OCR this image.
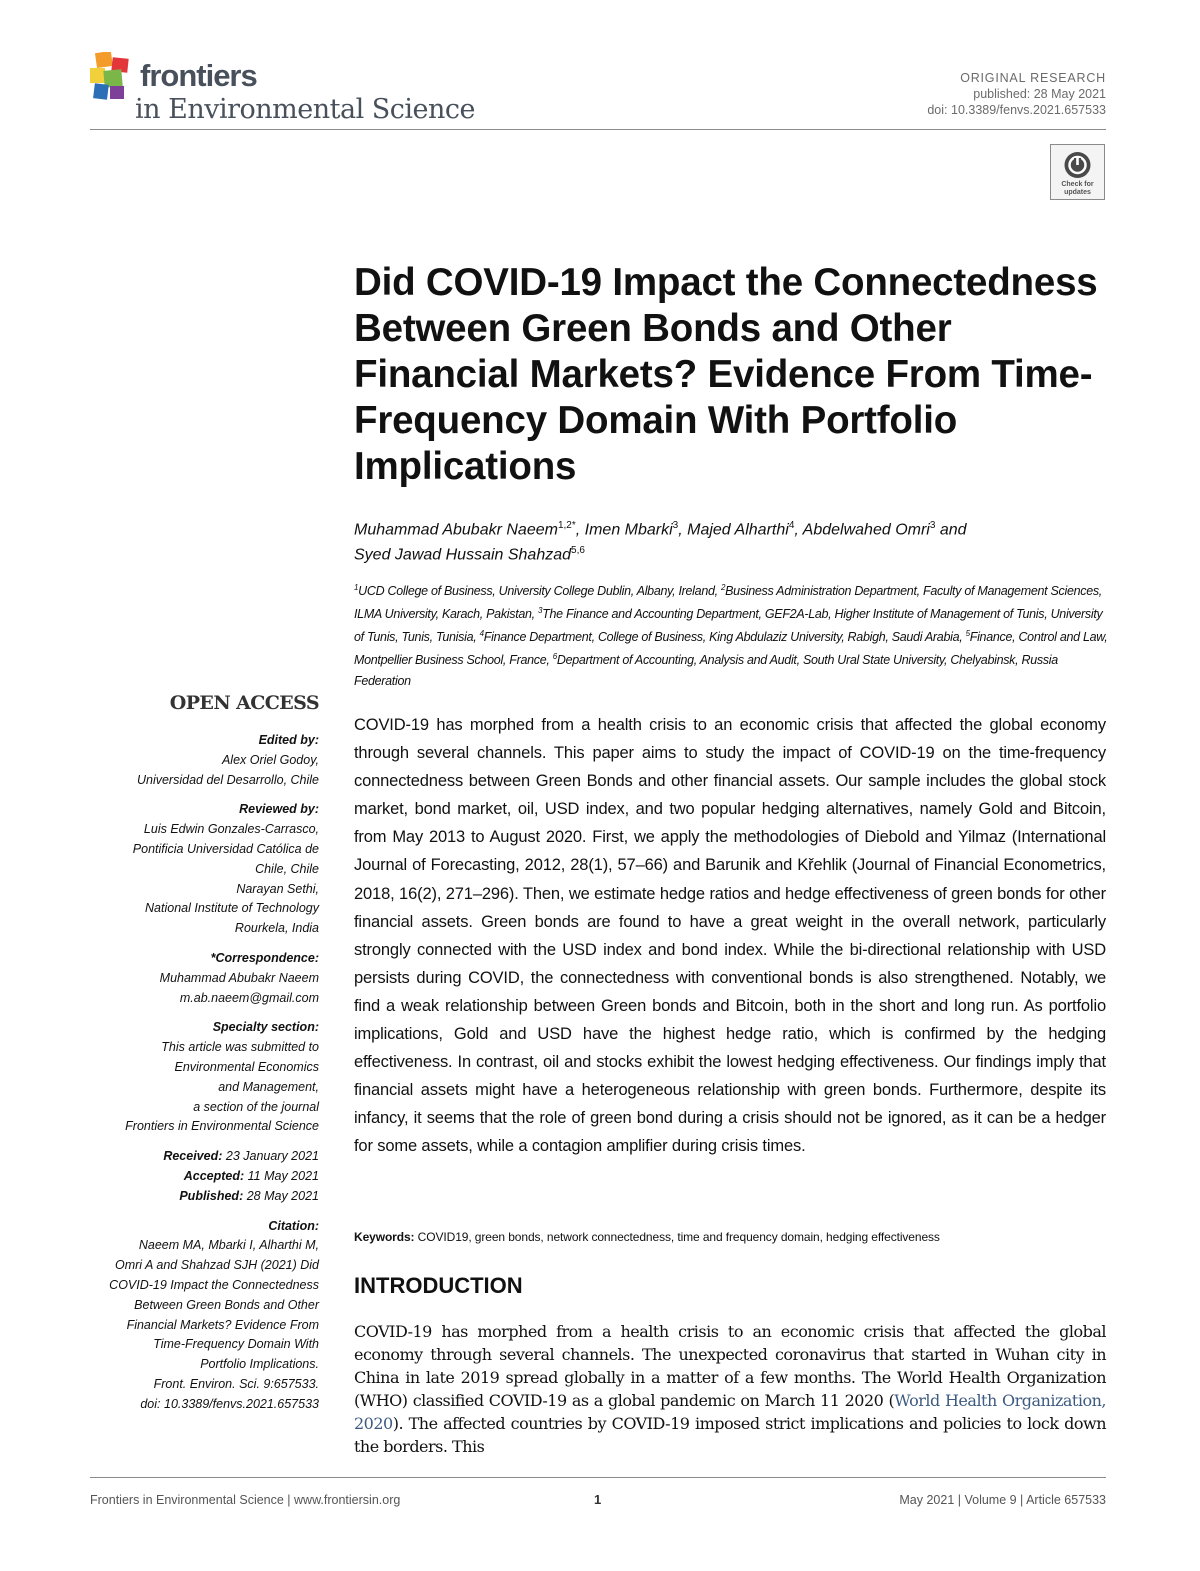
frontiers
in Environmental Science
ORIGINAL RESEARCH
published: 28 May 2021
doi: 10.3389/fenvs.2021.657533
Check for updates
Did COVID-19 Impact the Connectedness Between Green Bonds and Other Financial Markets? Evidence From Time-Frequency Domain With Portfolio Implications
Muhammad Abubakr Naeem$^{1,2*}$, Imen Mbarki$^3$, Majed Alharthi$^4$, Abdelwahed Omri$^3$ and
Syed Jawad Hussain Shahzad$^{5,6}$
$^1$UCD College of Business, University College Dublin, Albany, Ireland, $^2$Business Administration Department, Faculty of Management Sciences, ILMA University, Karach, Pakistan, $^3$The Finance and Accounting Department, GEF2A-Lab, Higher Institute of Management of Tunis, University of Tunis, Tunis, Tunisia, $^4$Finance Department, College of Business, King Abdulaziz University, Rabigh, Saudi Arabia, $^5$Finance, Control and Law, Montpellier Business School, France, $^6$Department of Accounting, Analysis and Audit, South Ural State University, Chelyabinsk, Russia Federation
OPEN ACCESS
Edited by:
Alex Oriel Godoy,
Universidad del Desarrollo, Chile
Reviewed by:
Luis Edwin Gonzales-Carrasco,
Pontificia Universidad Católica de
Chile, Chile
Narayan Sethi,
National Institute of Technology
Rourkela, India
*Correspondence:
Muhammad Abubakr Naeem
m.ab.naeem@gmail.com
Specialty section:
This article was submitted to
Environmental Economics
and Management,
a section of the journal
Frontiers in Environmental Science
Received: 23 January 2021
Accepted: 11 May 2021
Published: 28 May 2021
Citation:
Naeem MA, Mbarki I, Alharthi M,
Omri A and Shahzad SJH (2021) Did
COVID-19 Impact the Connectedness
Between Green Bonds and Other
Financial Markets? Evidence From
Time-Frequency Domain With
Portfolio Implications.
Front. Environ. Sci. 9:657533.
doi: 10.3389/fenvs.2021.657533
COVID-19 has morphed from a health crisis to an economic crisis that affected the global economy through several channels. This paper aims to study the impact of COVID-19 on the time-frequency connectedness between Green Bonds and other financial assets. Our sample includes the global stock market, bond market, oil, USD index, and two popular hedging alternatives, namely Gold and Bitcoin, from May 2013 to August 2020. First, we apply the methodologies of Diebold and Yilmaz (International Journal of Forecasting, 2012, 28(1), 57–66) and Barunik and Křehlik (Journal of Financial Econometrics, 2018, 16(2), 271–296). Then, we estimate hedge ratios and hedge effectiveness of green bonds for other financial assets. Green bonds are found to have a great weight in the overall network, particularly strongly connected with the USD index and bond index. While the bi-directional relationship with USD persists during COVID, the connectedness with conventional bonds is also strengthened. Notably, we find a weak relationship between Green bonds and Bitcoin, both in the short and long run. As portfolio implications, Gold and USD have the highest hedge ratio, which is confirmed by the hedging effectiveness. In contrast, oil and stocks exhibit the lowest hedging effectiveness. Our findings imply that financial assets might have a heterogeneous relationship with green bonds. Furthermore, despite its infancy, it seems that the role of green bond during a crisis should not be ignored, as it can be a hedger for some assets, while a contagion amplifier during crisis times.
Keywords: COVID19, green bonds, network connectedness, time and frequency domain, hedging effectiveness
INTRODUCTION
COVID-19 has morphed from a health crisis to an economic crisis that affected the global economy through several channels. The unexpected coronavirus that started in Wuhan city in China in late 2019 spread globally in a matter of a few months. The World Health Organization (WHO) classified COVID-19 as a global pandemic on March 11 2020 (World Health Organization, 2020). The affected countries by COVID-19 imposed strict implications and policies to lock down the borders. This
Frontiers in Environmental Science | www.frontiersin.org	1	May 2021 | Volume 9 | Article 657533
